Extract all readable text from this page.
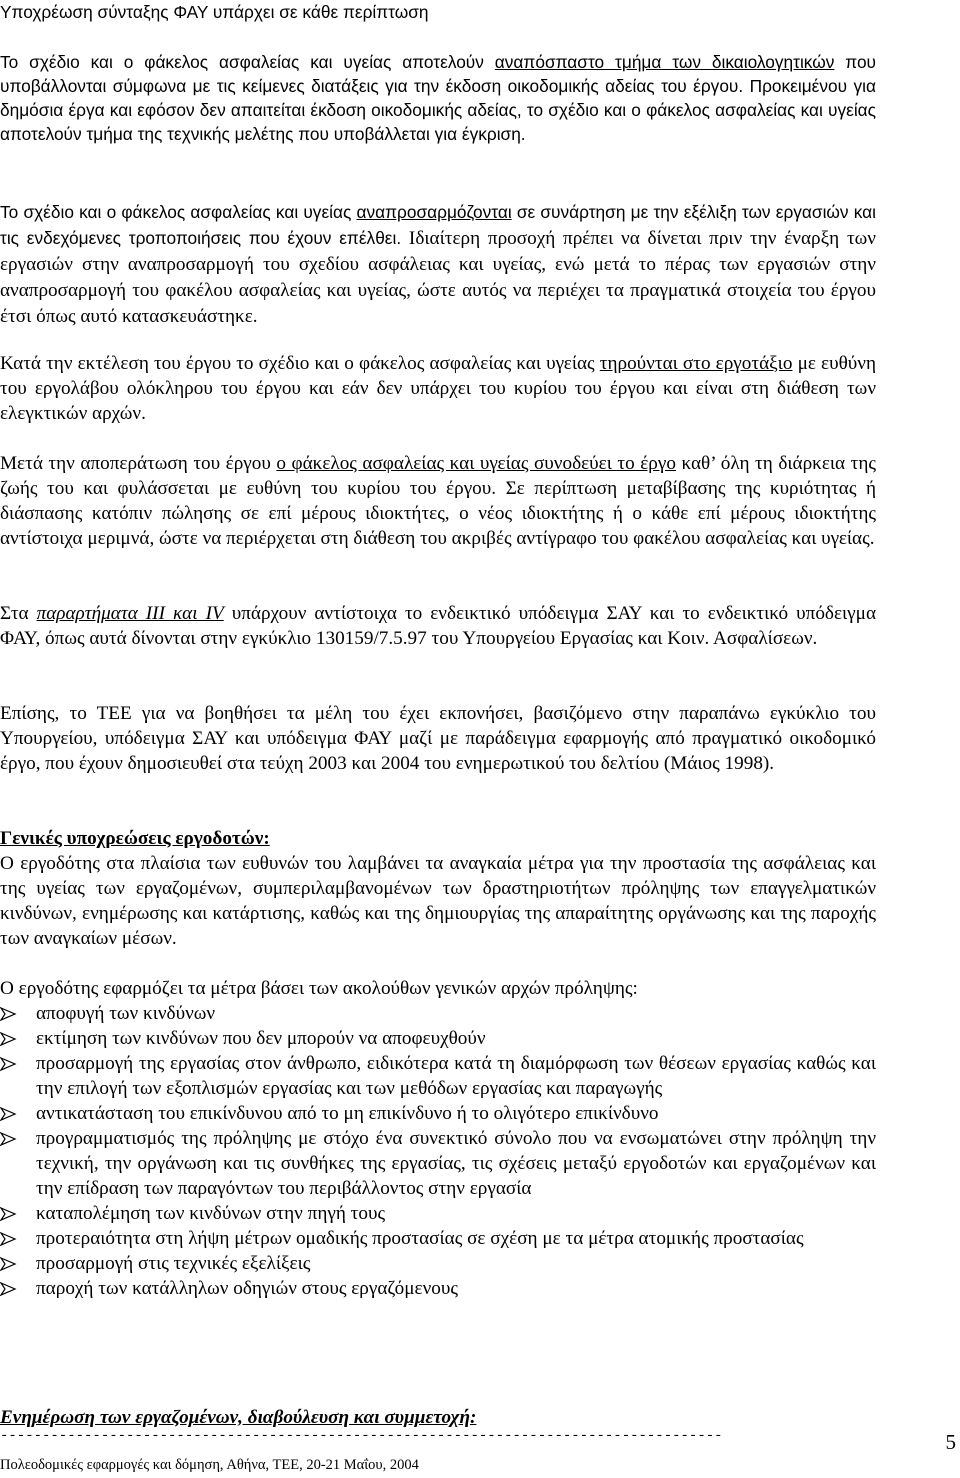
Υποχρέωση σύνταξης ΦΑΥ υπάρχει σε κάθε περίπτωση

Το σχέδιο και ο φάκελος ασφαλείας και υγείας αποτελούν αναπόσπαστο τμήμα των δικαιολογητικών που υποβάλλονται σύμφωνα με τις κείμενες διατάξεις για την έκδοση οικοδομικής αδείας του έργου. Προκειμένου για δημόσια έργα και εφόσον δεν απαιτείται έκδοση οικοδομικής αδείας, το σχέδιο και ο φάκελος ασφαλείας και υγείας αποτελούν τμήμα της τεχνικής μελέτης που υποβάλλεται για έγκριση.

Το σχέδιο και ο φάκελος ασφαλείας και υγείας αναπροσαρμόζονται σε συνάρτηση με την εξέλιξη των εργασιών και τις ενδεχόμενες τροποποιήσεις που έχουν επέλθει. Ιδιαίτερη προσοχή πρέπει να δίνεται πριν την έναρξη των εργασιών στην αναπροσαρμογή του σχεδίου ασφάλειας και υγείας, ενώ μετά το πέρας των εργασιών στην αναπροσαρμογή του φακέλου ασφαλείας και υγείας, ώστε αυτός να περιέχει τα πραγματικά στοιχεία του έργου έτσι όπως αυτό κατασκευάστηκε.

Κατά την εκτέλεση του έργου το σχέδιο και ο φάκελος ασφαλείας και υγείας τηρούνται στο εργοτάξιο με ευθύνη του εργολάβου ολόκληρου του έργου και εάν δεν υπάρχει του κυρίου του έργου και είναι στη διάθεση των ελεγκτικών αρχών.

Μετά την αποπεράτωση του έργου ο φάκελος ασφαλείας και υγείας συνοδεύει το έργο καθ’ όλη τη διάρκεια της ζωής του και φυλάσσεται με ευθύνη του κυρίου του έργου. Σε περίπτωση μεταβίβασης της κυριότητας ή διάσπασης κατόπιν πώλησης σε επί μέρους ιδιοκτήτες, ο νέος ιδιοκτήτης ή ο κάθε επί μέρους ιδιοκτήτης αντίστοιχα μεριμνά, ώστε να περιέρχεται στη διάθεση του ακριβές αντίγραφο του φακέλου ασφαλείας και υγείας.

Στα παραρτήματα ΙΙΙ και ΙV υπάρχουν αντίστοιχα το ενδεικτικό υπόδειγμα ΣΑΥ και το ενδεικτικό υπόδειγμα ΦΑΥ, όπως αυτά δίνονται στην εγκύκλιο 130159/7.5.97 του Υπουργείου Εργασίας και Κοιν. Ασφαλίσεων.

Επίσης, το ΤΕΕ για να βοηθήσει τα μέλη του έχει εκπονήσει, βασιζόμενο στην παραπάνω εγκύκλιο του Υπουργείου, υπόδειγμα ΣΑΥ και υπόδειγμα ΦΑΥ μαζί με παράδειγμα εφαρμογής από πραγματικό οικοδομικό έργο, που έχουν δημοσιευθεί στα τεύχη 2003 και 2004 του ενημερωτικού του δελτίου (Μάιος 1998).

Γενικές υποχρεώσεις εργοδοτών:

Ο εργοδότης στα πλαίσια των ευθυνών του λαμβάνει τα αναγκαία μέτρα για την προστασία της ασφάλειας και της υγείας των εργαζομένων, συμπεριλαμβανομένων των δραστηριοτήτων πρόληψης των επαγγελματικών κινδύνων, ενημέρωσης και κατάρτισης, καθώς και της δημιουργίας της απαραίτητης οργάνωσης και της παροχής των αναγκαίων μέσων.

Ο εργοδότης εφαρμόζει τα μέτρα βάσει των ακολούθων γενικών αρχών πρόληψης:

αποφυγή των κινδύνων
εκτίμηση των κινδύνων που δεν μπορούν να αποφευχθούν
προσαρμογή της εργασίας στον άνθρωπο, ειδικότερα κατά τη διαμόρφωση των θέσεων εργασίας καθώς και την επιλογή των εξοπλισμών εργασίας και των μεθόδων εργασίας και παραγωγής
αντικατάσταση του επικίνδυνου από το μη επικίνδυνο ή το ολιγότερο επικίνδυνο
προγραμματισμός της πρόληψης με στόχο ένα συνεκτικό σύνολο που να ενσωματώνει στην πρόληψη την τεχνική, την οργάνωση και τις συνθήκες της εργασίας, τις σχέσεις μεταξύ εργοδοτών και εργαζομένων και την επίδραση των παραγόντων του περιβάλλοντος στην εργασία
καταπολέμηση των κινδύνων στην πηγή τους
προτεραιότητα στη λήψη μέτρων ομαδικής προστασίας σε σχέση με τα μέτρα ατομικής προστασίας
προσαρμογή στις τεχνικές εξελίξεις
παροχή των κατάλληλων οδηγιών στους εργαζόμενους

Ενημέρωση των εργαζομένων, διαβούλευση και συμμετοχή:

--------------------------------------------------------------------------------------
Πολεοδομικές εφαρμογές και δόμηση, Αθήνα, ΤΕΕ, 20-21 Μαΐου, 2004
5
